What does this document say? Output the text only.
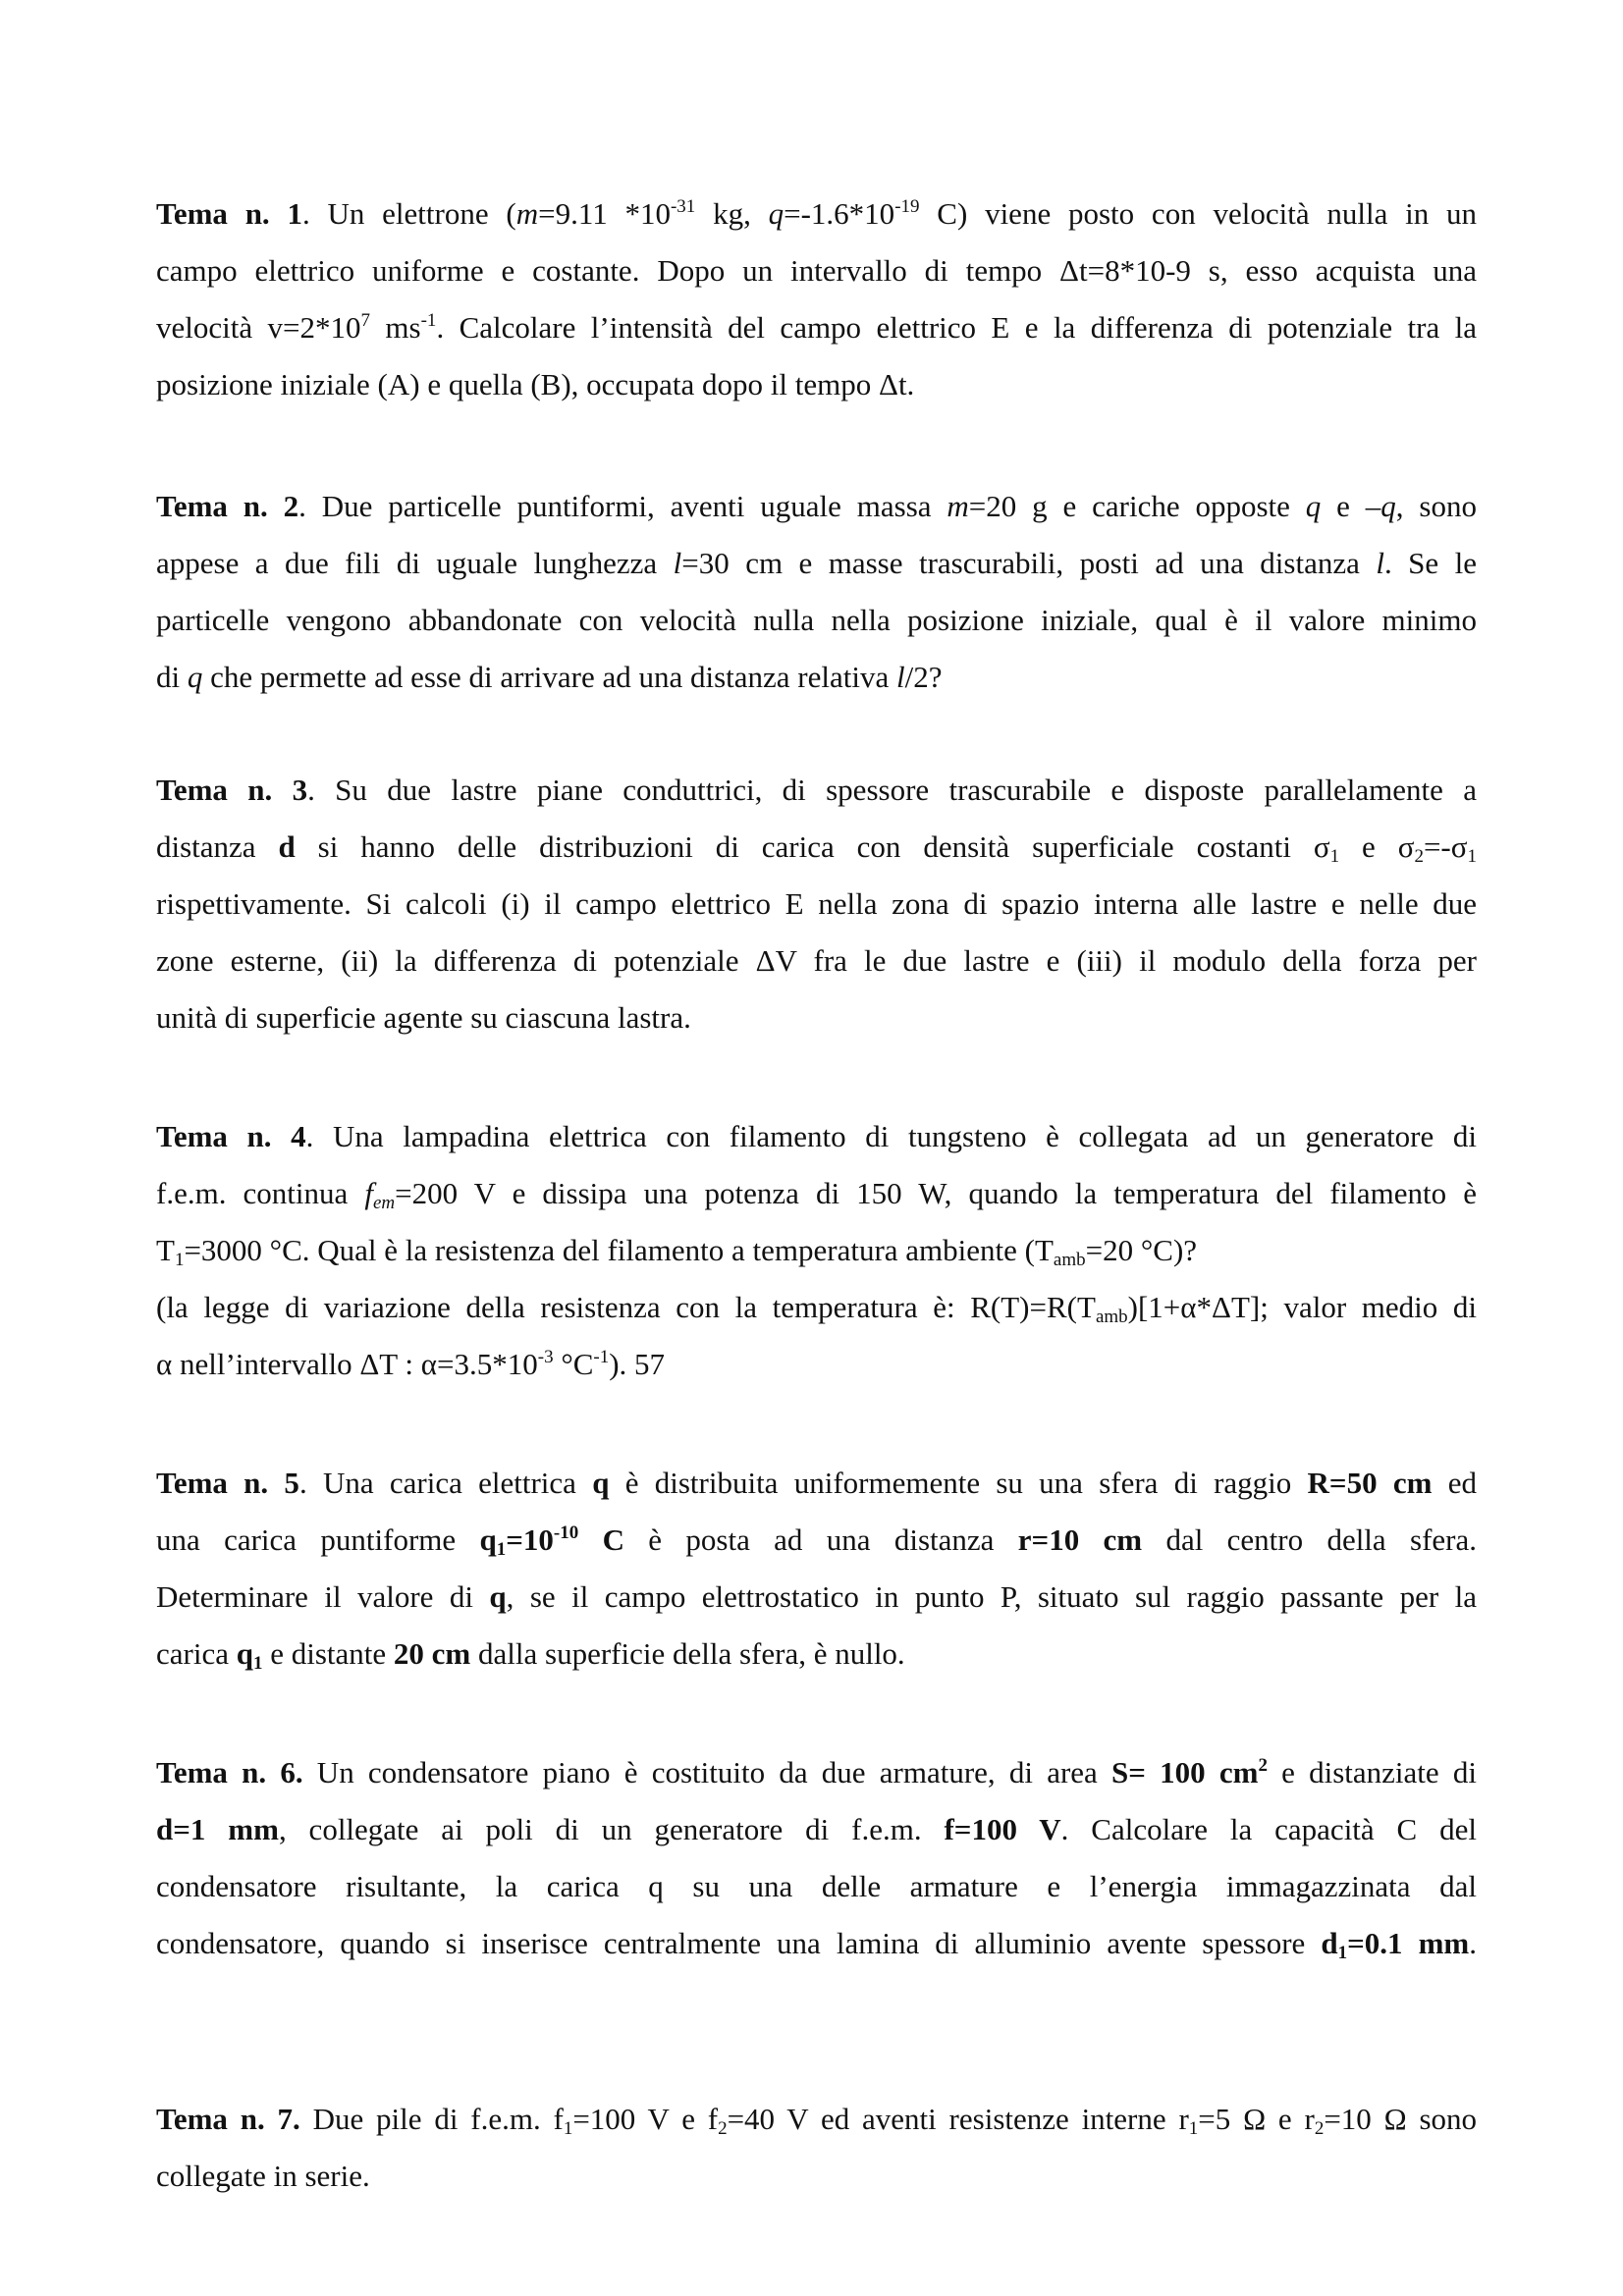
Tema n. 1. Un elettrone (m=9.11 $*10^{-31}$ kg, $q=-1.6*10^{-19}$ C) viene posto con velocità nulla in un
campo elettrico uniforme e costante. Dopo un intervallo di tempo Δt=8*10-9 s, esso acquista una
velocità $v=2*10^7$ $ms^{-1}$. Calcolare l’intensità del campo elettrico E e la differenza di potenziale tra la
posizione iniziale (A) e quella (B), occupata dopo il tempo Δt.
Tema n. 2. Due particelle puntiformi, aventi uguale massa m=20 g e cariche opposte q e –q, sono
appese a due fili di uguale lunghezza l=30 cm e masse trascurabili, posti ad una distanza l. Se le
particelle vengono abbandonate con velocità nulla nella posizione iniziale, qual è il valore minimo
di q che permette ad esse di arrivare ad una distanza relativa l/2?
Tema n. 3. Su due lastre piane conduttrici, di spessore trascurabile e disposte parallelamente a
distanza d si hanno delle distribuzioni di carica con densità superficiale costanti $\sigma_1$ e $\sigma_2=-\sigma_1$
rispettivamente. Si calcoli (i) il campo elettrico E nella zona di spazio interna alle lastre e nelle due
zone esterne, (ii) la differenza di potenziale ΔV fra le due lastre e (iii) il modulo della forza per
unità di superficie agente su ciascuna lastra.
Tema n. 4. Una lampadina elettrica con filamento di tungsteno è collegata ad un generatore di
f.e.m. continua $f_{em}=200$ V e dissipa una potenza di 150 W, quando la temperatura del filamento è
$T_1=3000$ °C. Qual è la resistenza del filamento a temperatura ambiente ($T_{amb}=20$ °C)?
(la legge di variazione della resistenza con la temperatura è: $R(T)=R(T_{amb})[1+\alpha*\Delta T]$; valor medio di
α nell’intervallo ΔT : $\alpha=3.5*10^{-3}$ $^\circ C^{-1}$). 57
Tema n. 5. Una carica elettrica q è distribuita uniformemente su una sfera di raggio R=50 cm ed
una carica puntiforme $q_1=10^{-10}$ C è posta ad una distanza r=10 cm dal centro della sfera.
Determinare il valore di q, se il campo elettrostatico in punto P, situato sul raggio passante per la
carica $q_1$ e distante 20 cm dalla superficie della sfera, è nullo.
Tema n. 6. Un condensatore piano è costituito da due armature, di area S= 100 $cm^2$ e distanziate di
d=1 mm, collegate ai poli di un generatore di f.e.m. f=100 V. Calcolare la capacità C del
condensatore risultante, la carica q su una delle armature e l’energia immagazzinata dal
condensatore, quando si inserisce centralmente una lamina di alluminio avente spessore $d_1=0.1$ mm.
Tema n. 7. Due pile di f.e.m. $f_1=100$ V e $f_2=40$ V ed aventi resistenze interne $r_1=5$ Ω e $r_2=10$ Ω sono
collegate in serie.
